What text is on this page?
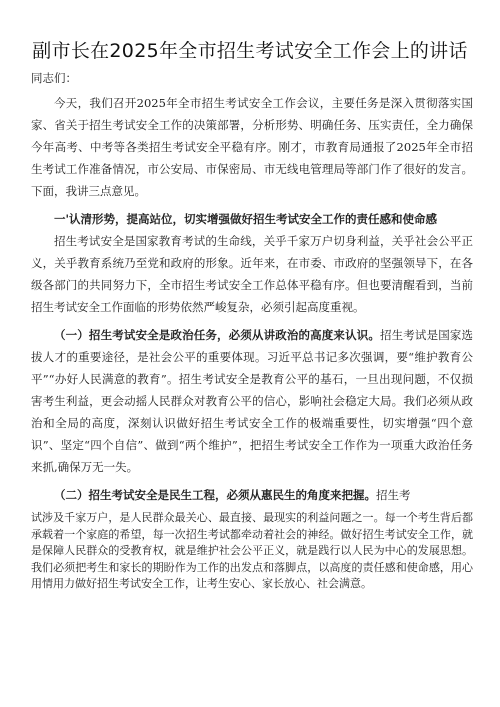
副市长在2025年全市招生考试安全工作会上的讲话
同志们：

今天，我们召开2025年全市招生考试安全工作会议，主要任务是深入贯彻落实国家、省关于招生考试安全工作的决策部署，分析形势、明确任务、压实责任，全力确保今年高考、中考等各类招生考试安全平稳有序。刚才，市教育局通报了2025年全市招生考试工作准备情况，市公安局、市保密局、市无线电管理局等部门作了很好的发言。下面，我讲三点意见。

一'认清形势，提高站位，切实增强做好招生考试安全工作的责任感和使命感

招生考试安全是国家教育考试的生命线，关乎千家万户切身利益，关乎社会公平正义，关乎教育系统乃至党和政府的形象。近年来，在市委、市政府的坚强领导下，在各级各部门的共同努力下，全市招生考试安全工作总体平稳有序。但也要清醒看到，当前招生考试安全工作面临的形势依然严峻复杂，必须引起高度重视。

（一）招生考试安全是政治任务，必须从讲政治的高度来认识。招生考试是国家选拔人才的重要途径，是社会公平的重要体现。习近平总书记多次强调，要“维护教育公平”“办好人民满意的教育”。招生考试安全是教育公平的基石，一旦出现问题，不仅损害考生利益，更会动摇人民群众对教育公平的信心，影响社会稳定大局。我们必须从政治和全局的高度，深刻认识做好招生考试安全工作的极端重要性，切实增强“四个意识”、坚定“四个自信”、做到“两个维护”，把招生考试安全工作作为一项重大政治任务来抓,确保万无一失。

（二）招生考试安全是民生工程，必须从惠民生的角度来把握。招生考

试涉及千家万户，是人民群众最关心、最直接、最现实的利益问题之一。每一个考生背后都承载着一个家庭的希望，每一次招生考试都牵动着社会的神经。做好招生考试安全工作，就是保障人民群众的受教育权，就是维护社会公平正义，就是践行以人民为中心的发展思想。我们必须把考生和家长的期盼作为工作的出发点和落脚点，以高度的责任感和使命感，用心用情用力做好招生考试安全工作，让考生安心、家长放心、社会满意。
